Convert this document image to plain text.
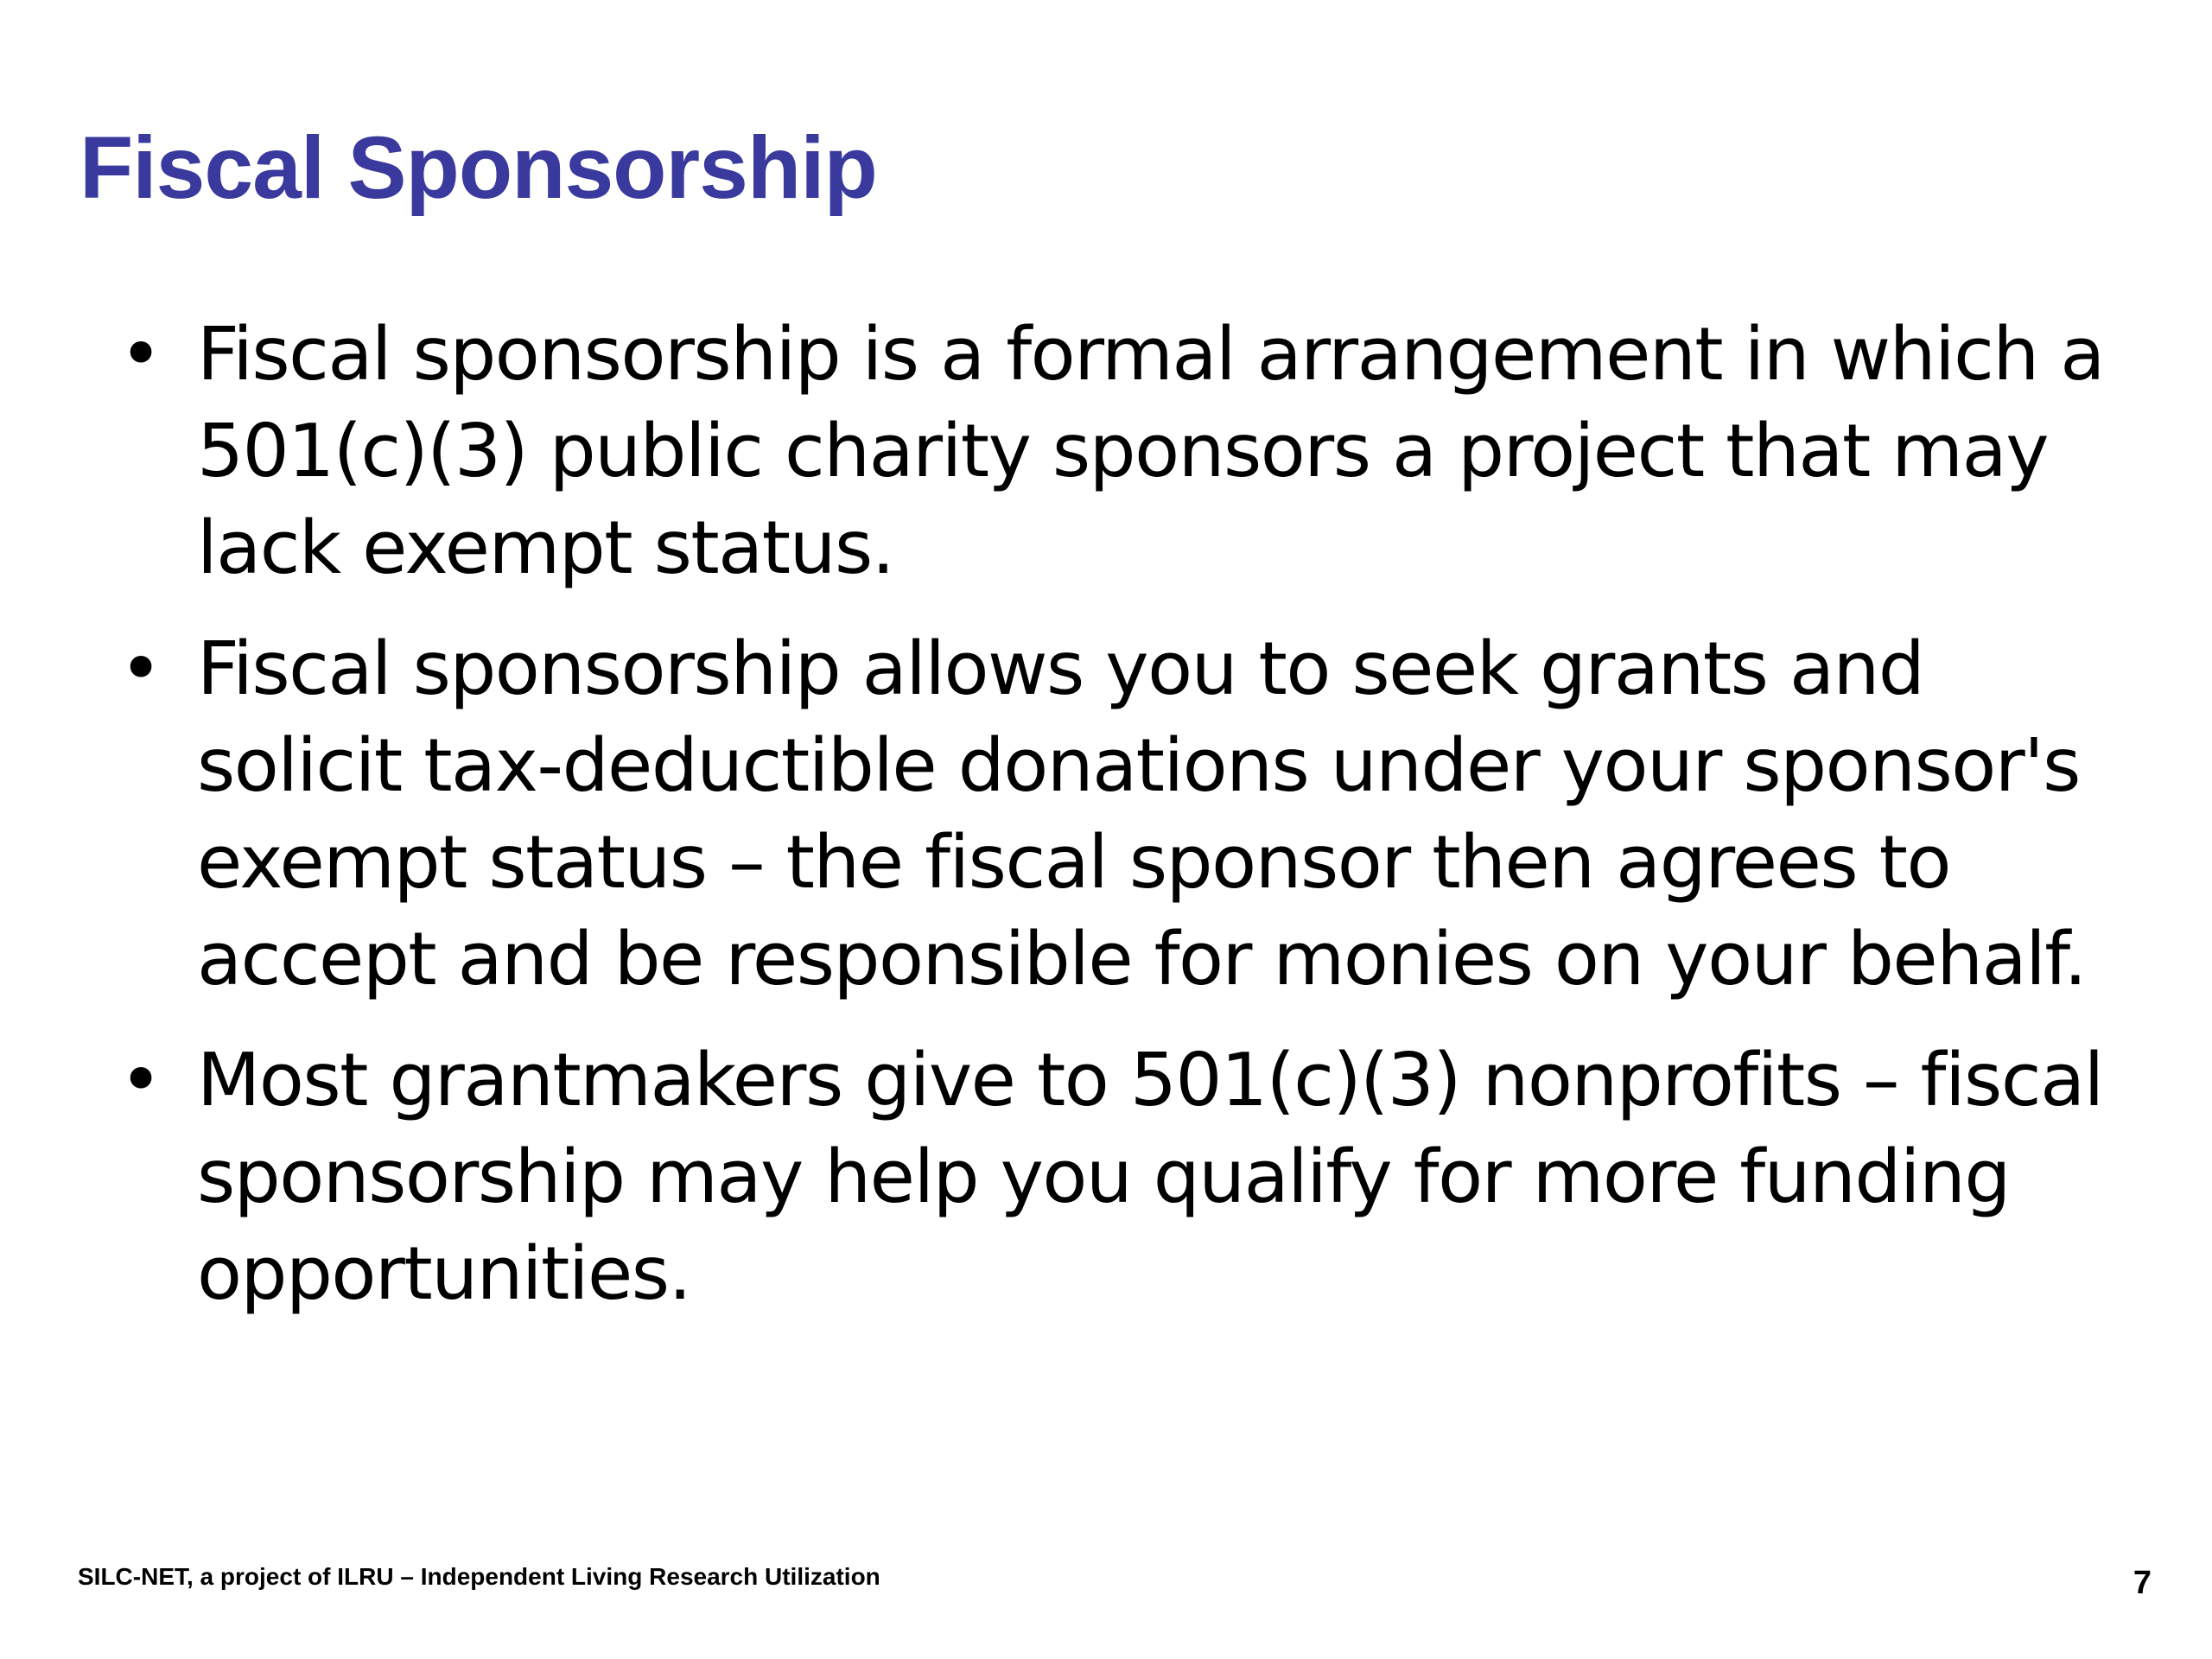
Fiscal Sponsorship
• Fiscal sponsorship is a formal arrangement in which a 501(c)(3) public charity sponsors a project that may lack exempt status.
• Fiscal sponsorship allows you to seek grants and solicit tax-deductible donations under your sponsor's exempt status – the fiscal sponsor then agrees to accept and be responsible for monies on your behalf.
• Most grantmakers give to 501(c)(3) nonprofits – fiscal sponsorship may help you qualify for more funding opportunities.

SILC-NET, a project of ILRU – Independent Living Research Utilization	7
